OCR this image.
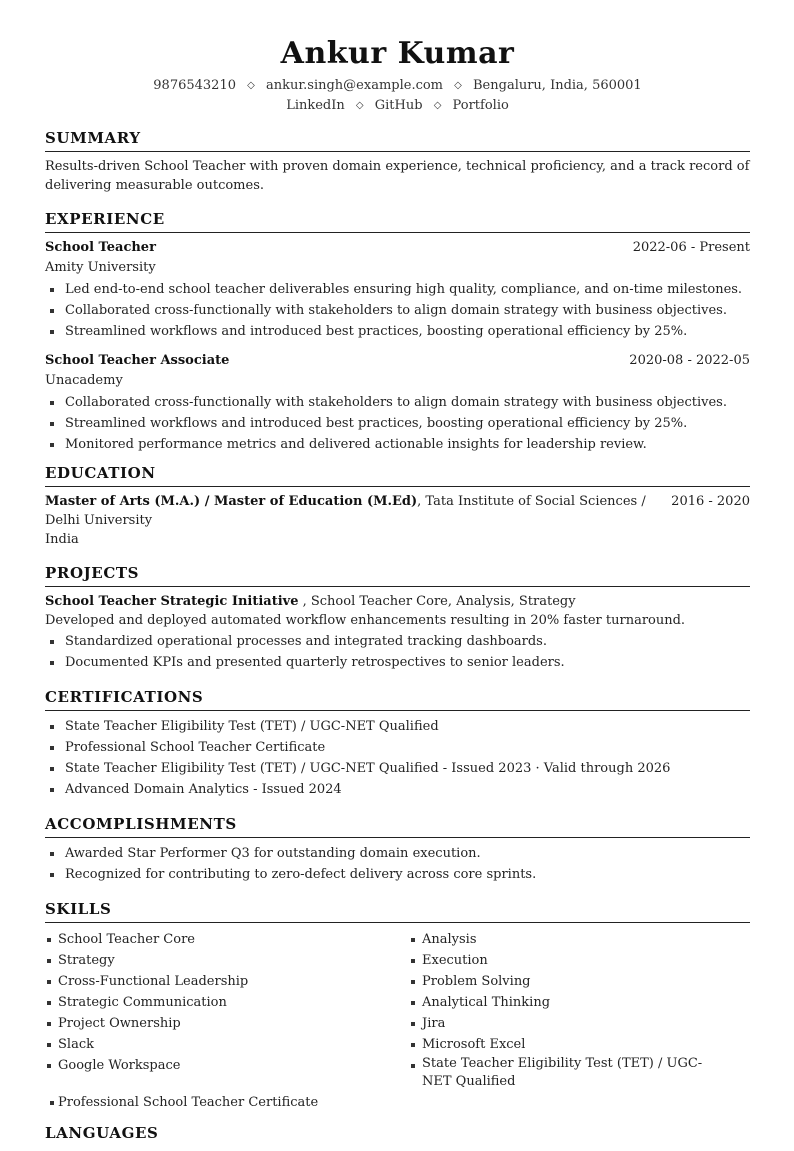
Ankur Kumar
9876543210 ◇ ankur.singh@example.com ◇ Bengaluru, India, 560001
LinkedIn ◇ GitHub ◇ Portfolio
SUMMARY
Results-driven School Teacher with proven domain experience, technical proficiency, and a track record of delivering measurable outcomes.
EXPERIENCE
School Teacher	2022-06 - Present
Amity University
Led end-to-end school teacher deliverables ensuring high quality, compliance, and on-time milestones.
Collaborated cross-functionally with stakeholders to align domain strategy with business objectives.
Streamlined workflows and introduced best practices, boosting operational efficiency by 25%.
School Teacher Associate	2020-08 - 2022-05
Unacademy
Collaborated cross-functionally with stakeholders to align domain strategy with business objectives.
Streamlined workflows and introduced best practices, boosting operational efficiency by 25%.
Monitored performance metrics and delivered actionable insights for leadership review.
EDUCATION
Master of Arts (M.A.) / Master of Education (M.Ed), Tata Institute of Social Sciences / Delhi University
2016 - 2020
India
PROJECTS
School Teacher Strategic Initiative , School Teacher Core, Analysis, Strategy
Developed and deployed automated workflow enhancements resulting in 20% faster turnaround.
Standardized operational processes and integrated tracking dashboards.
Documented KPIs and presented quarterly retrospectives to senior leaders.
CERTIFICATIONS
State Teacher Eligibility Test (TET) / UGC-NET Qualified
Professional School Teacher Certificate
State Teacher Eligibility Test (TET) / UGC-NET Qualified - Issued 2023 · Valid through 2026
Advanced Domain Analytics - Issued 2024
ACCOMPLISHMENTS
Awarded Star Performer Q3 for outstanding domain execution.
Recognized for contributing to zero-defect delivery across core sprints.
SKILLS
School Teacher Core
Strategy
Cross-Functional Leadership
Strategic Communication
Project Ownership
Slack
Google Workspace
Analysis
Execution
Problem Solving
Analytical Thinking
Jira
Microsoft Excel
State Teacher Eligibility Test (TET) / UGC-NET Qualified
Professional School Teacher Certificate
LANGUAGES
